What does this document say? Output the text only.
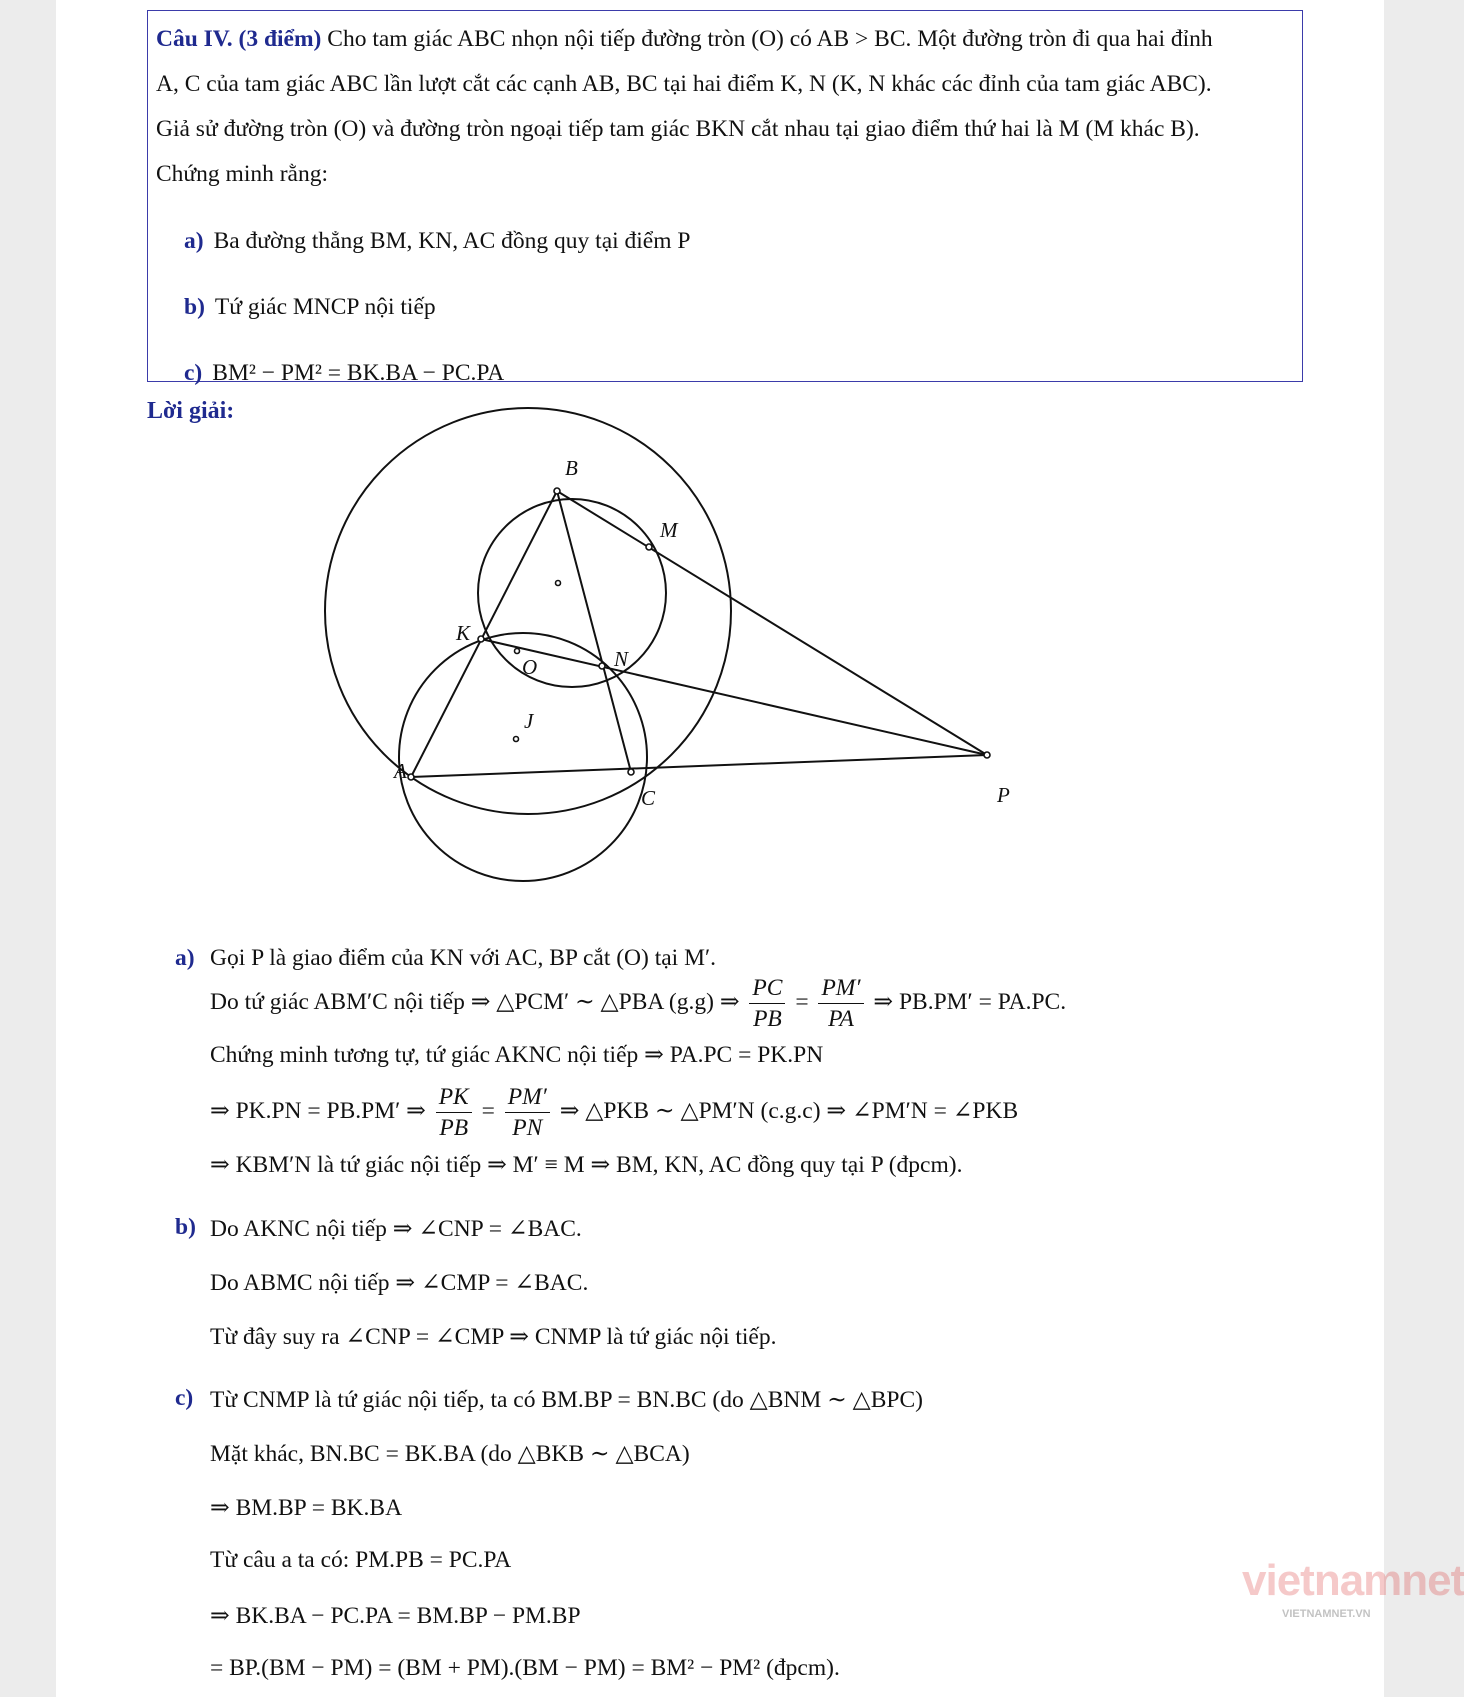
Câu IV. (3 điểm) Cho tam giác ABC nhọn nội tiếp đường tròn (O) có AB > BC. Một đường tròn đi qua hai đỉnh
A, C của tam giác ABC lần lượt cắt các cạnh AB, BC tại hai điểm K, N (K, N khác các đỉnh của tam giác ABC).
Giả sử đường tròn (O) và đường tròn ngoại tiếp tam giác BKN cắt nhau tại giao điểm thứ hai là M (M khác B).
Chứng minh rằng:
a) Ba đường thẳng BM, KN, AC đồng quy tại điểm P
b) Tứ giác MNCP nội tiếp
c) BM² − PM² = BK.BA − PC.PA
Lời giải:
B
M
K
N
O
J
A
C	P
a) Gọi P là giao điểm của KN với AC, BP cắt (O) tại M′.
Do tứ giác ABM′C nội tiếp ⇒ △PCM′ ∼ △PBA (g.g) ⇒ $\frac{PC}{PB} = \frac{PM'}{PA}$ ⇒ PB.PM′ = PA.PC.
Chứng minh tương tự, tứ giác AKNC nội tiếp ⇒ PA.PC = PK.PN
⇒ PK.PN = PB.PM′ ⇒ $\frac{PK}{PB} = \frac{PM'}{PN}$ ⇒ △PKB ∼ △PM′N (c.g.c) ⇒ ∠PM′N = ∠PKB
⇒ KBM′N là tứ giác nội tiếp ⇒ M′ ≡ M ⇒ BM, KN, AC đồng quy tại P (đpcm).
b) Do AKNC nội tiếp ⇒ ∠CNP = ∠BAC.
Do ABMC nội tiếp ⇒ ∠CMP = ∠BAC.
Từ đây suy ra ∠CNP = ∠CMP ⇒ CNMP là tứ giác nội tiếp.
c) Từ CNMP là tứ giác nội tiếp, ta có BM.BP = BN.BC (do △BNM ∼ △BPC)
Mặt khác, BN.BC = BK.BA (do △BKB ∼ △BCA)
⇒ BM.BP = BK.BA
Từ câu a ta có: PM.PB = PC.PA
⇒ BK.BA − PC.PA = BM.BP − PM.BP
= BP.(BM − PM) = (BM + PM).(BM − PM) = BM² − PM² (đpcm).
vietnamnet
VIETNAMNET.VN
